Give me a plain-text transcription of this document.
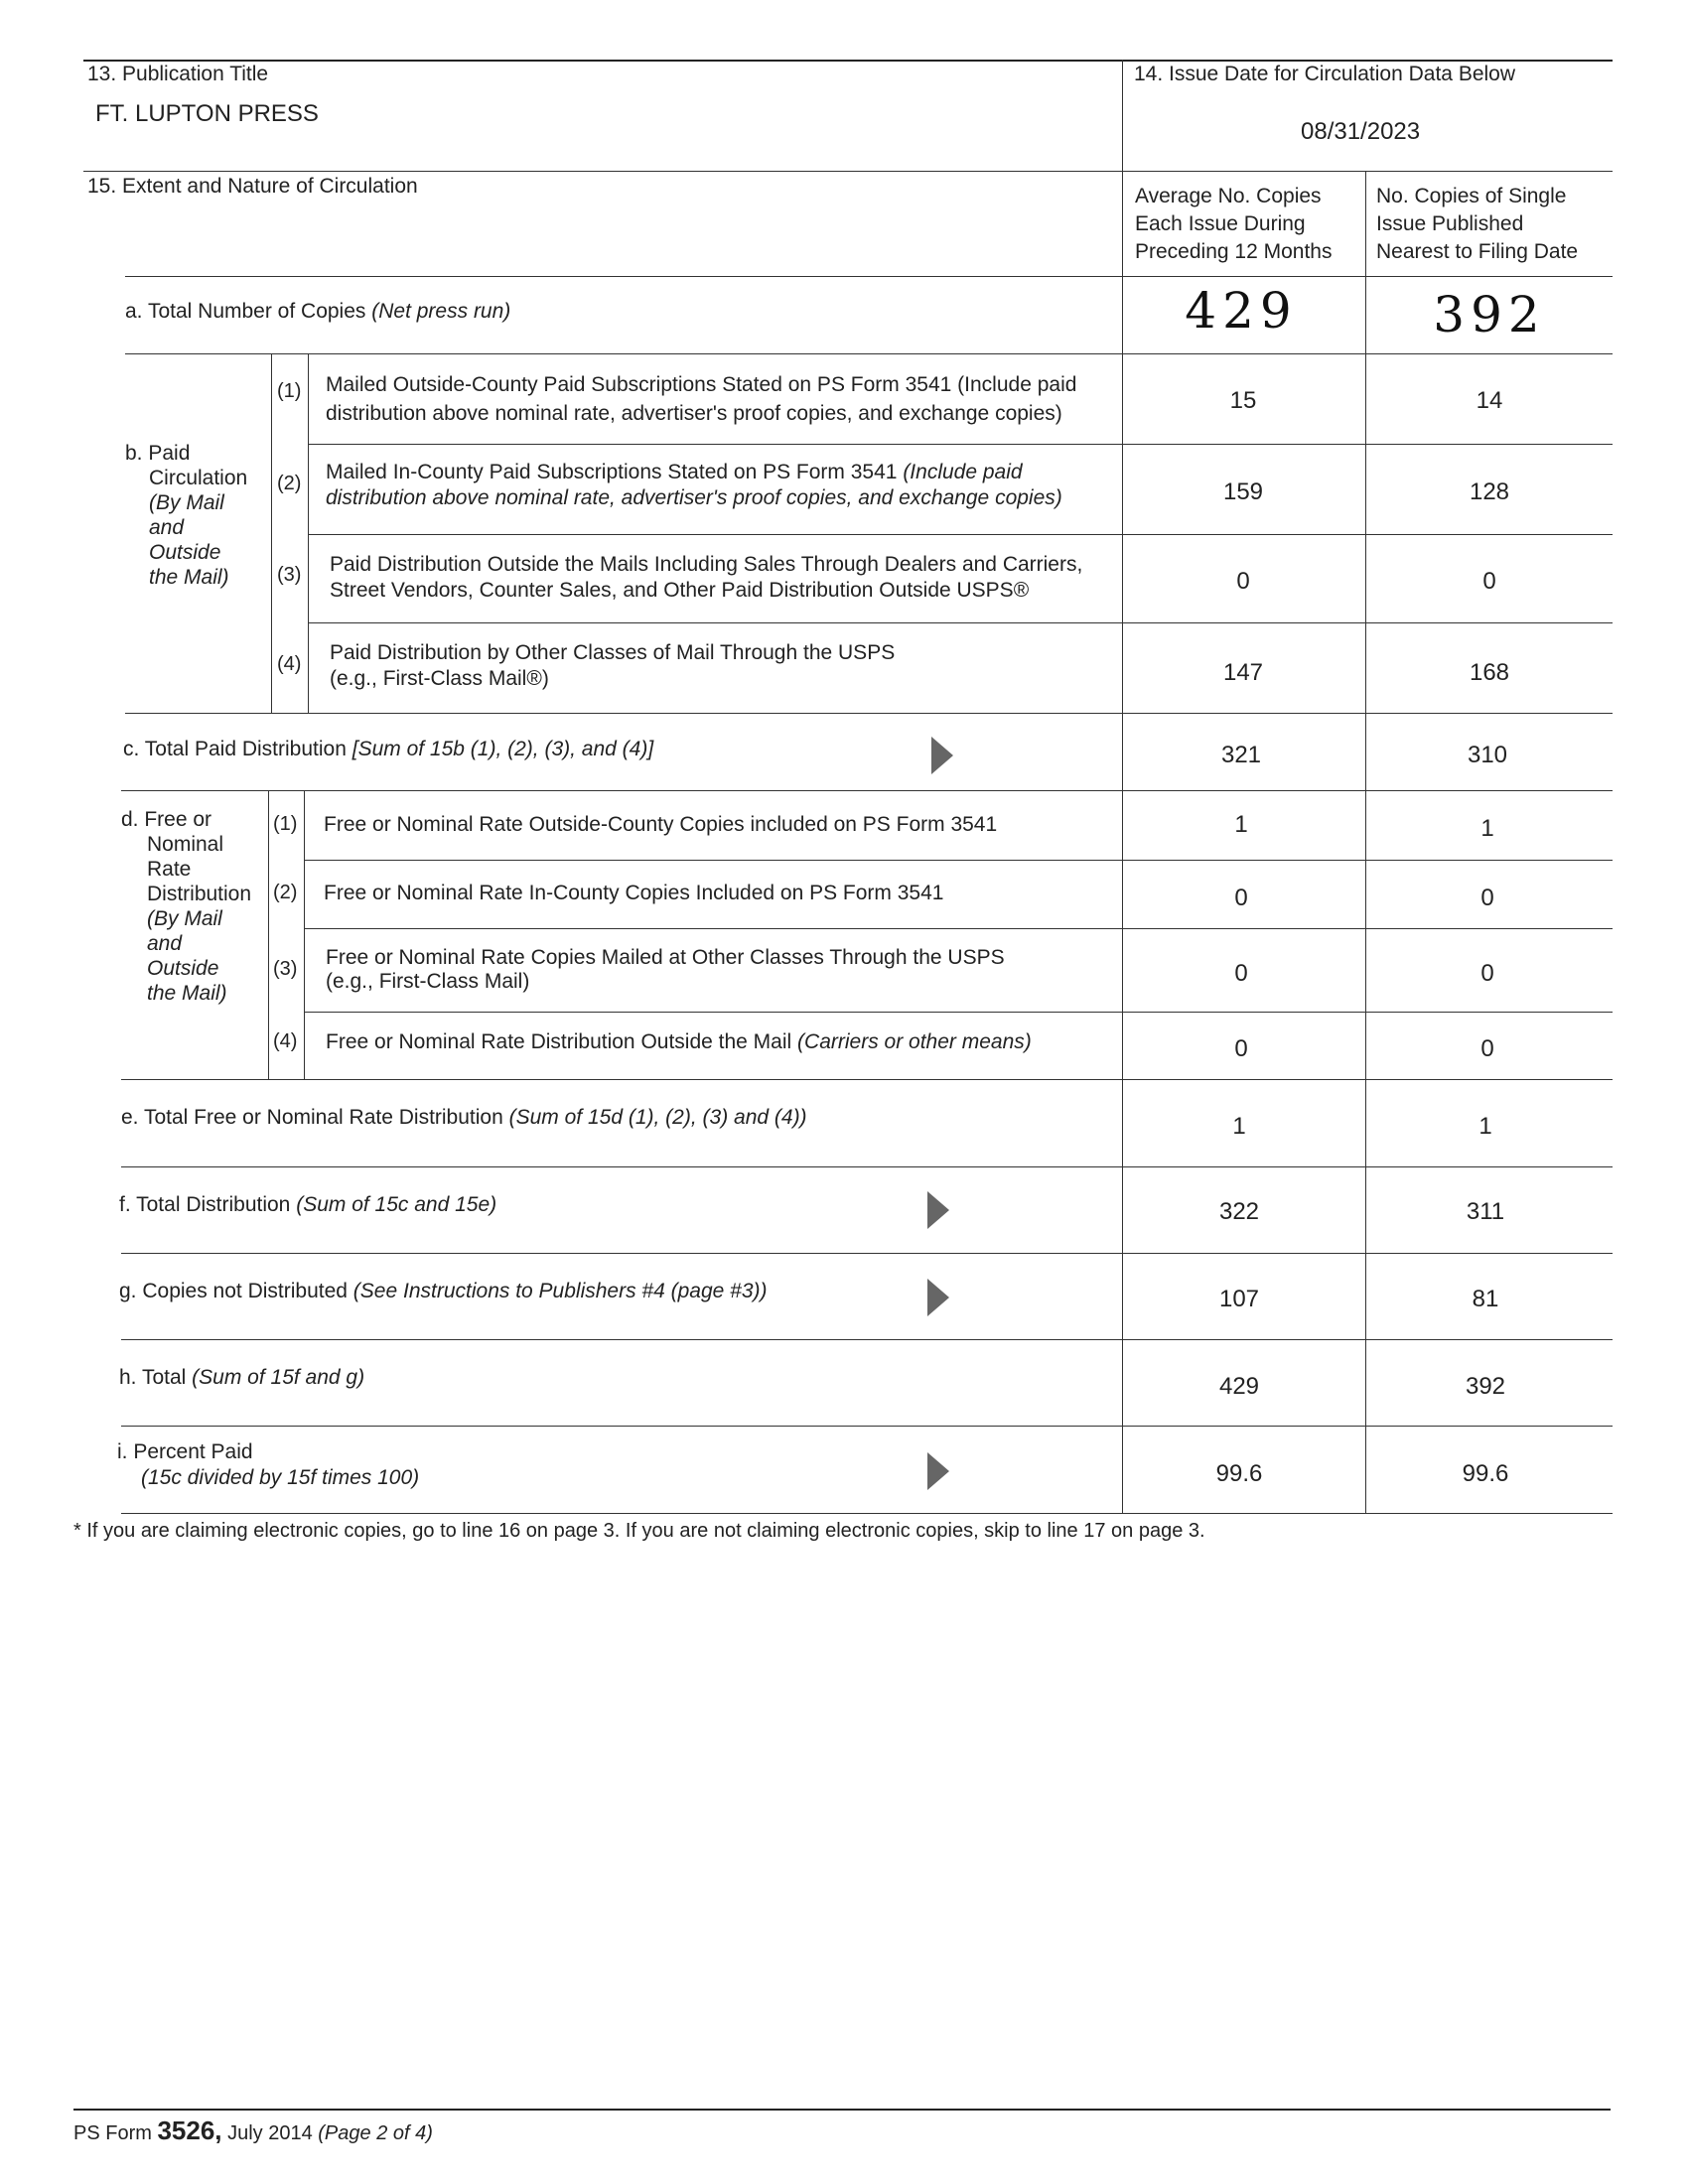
13. Publication Title
FT. LUPTON PRESS
14. Issue Date for Circulation Data Below
08/31/2023
15. Extent and Nature of Circulation	Average No. Copies
Each Issue During
Preceding 12 Months
No. Copies of Single
Issue Published
Nearest to Filing Date
a. Total Number of Copies (Net press run)	429	392
b. Paid
Circulation
(By Mail
and
Outside
the Mail)
(1) Mailed Outside-County Paid Subscriptions Stated on PS Form 3541 (Include paid
distribution above nominal rate, advertiser's proof copies, and exchange copies)	15	14
(2) Mailed In-County Paid Subscriptions Stated on PS Form 3541 (Include paid
distribution above nominal rate, advertiser's proof copies, and exchange copies)	159	128
(3) Paid Distribution Outside the Mails Including Sales Through Dealers and Carriers,
Street Vendors, Counter Sales, and Other Paid Distribution Outside USPS®	0	0
(4) Paid Distribution by Other Classes of Mail Through the USPS
(e.g., First-Class Mail®)	147	168
c. Total Paid Distribution [Sum of 15b (1), (2), (3), and (4)]	321	310
d. Free or
Nominal
Rate
Distribution
(By Mail
and
Outside
the Mail)
(1) Free or Nominal Rate Outside-County Copies included on PS Form 3541	1	1
(2) Free or Nominal Rate In-County Copies Included on PS Form 3541	0	0
(3) Free or Nominal Rate Copies Mailed at Other Classes Through the USPS
(e.g., First-Class Mail)	0	0
(4) Free or Nominal Rate Distribution Outside the Mail (Carriers or other means)	0	0
e. Total Free or Nominal Rate Distribution (Sum of 15d (1), (2), (3) and (4))	1	1
f. Total Distribution (Sum of 15c and 15e)	322	311
g. Copies not Distributed (See Instructions to Publishers #4 (page #3))	107	81
h. Total (Sum of 15f and g)	429	392
i. Percent Paid
(15c divided by 15f times 100)	99.6	99.6
* If you are claiming electronic copies, go to line 16 on page 3. If you are not claiming electronic copies, skip to line 17 on page 3.
PS Form 3526, July 2014 (Page 2 of 4)
